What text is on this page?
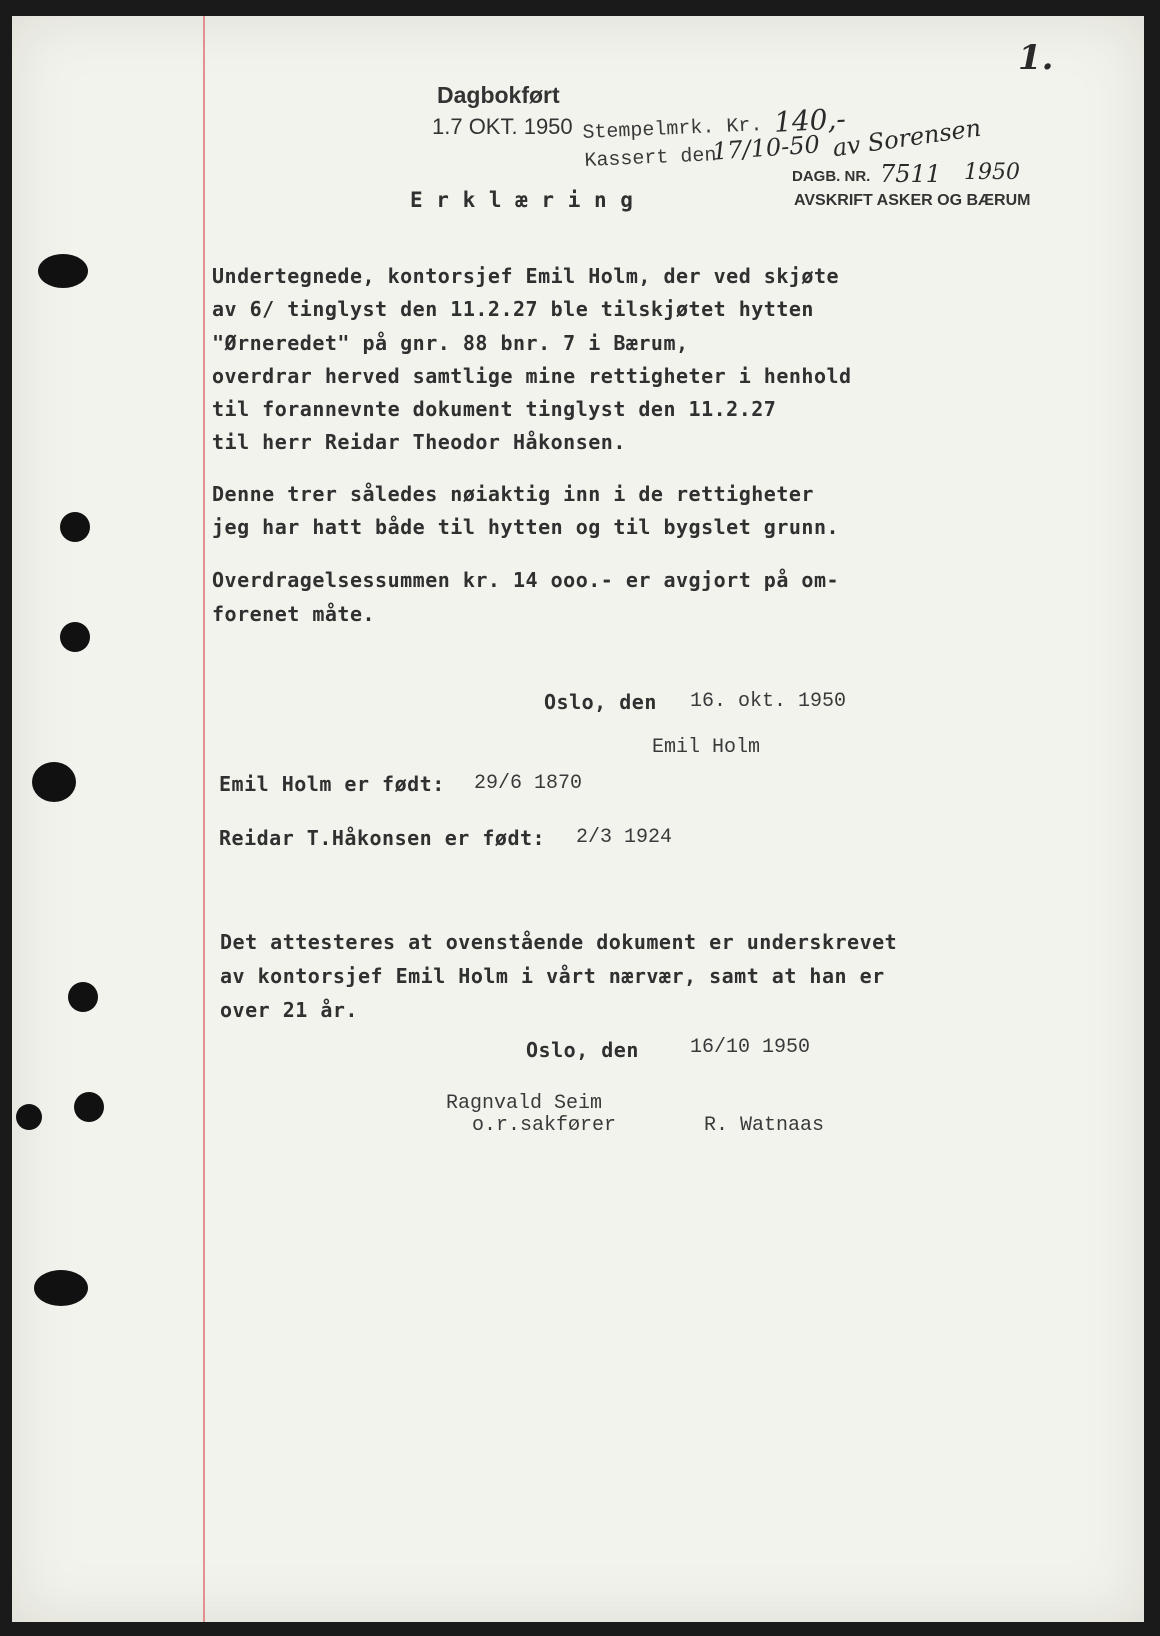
1.
Dagbokført
1.7 OKT. 1950 Stempelmrk. Kr. 140,-
Kassert den
17/10-50 av Sorensen
DAGB. NR. 7511 1950
AVSKRIFT ASKER OG BÆRUM
E r k l æ r i n g
Undertegnede, kontorsjef Emil Holm, der ved skjøte
av 6/ tinglyst den 11.2.27 ble tilskjøtet hytten
"Ørneredet" på gnr. 88 bnr. 7 i Bærum,
overdrar herved samtlige mine rettigheter i henhold
til forannevnte dokument tinglyst den 11.2.27
til herr Reidar Theodor Håkonsen.
Denne trer således nøiaktig inn i de rettigheter
jeg har hatt både til hytten og til bygslet grunn.
Overdragelsessummen kr. 14 ooo.- er avgjort på om-
forenet måte.
Oslo, den 16. okt. 1950
Emil Holm
Emil Holm er født: 29/6 1870
Reidar T.Håkonsen er født: 2/3 1924
Det attesteres at ovenstående dokument er underskrevet
av kontorsjef Emil Holm i vårt nærvær, samt at han er
over 21 år.
Oslo, den	16/10 1950
Ragnvald Seim
o.r.sakfører	R. Watnaas
